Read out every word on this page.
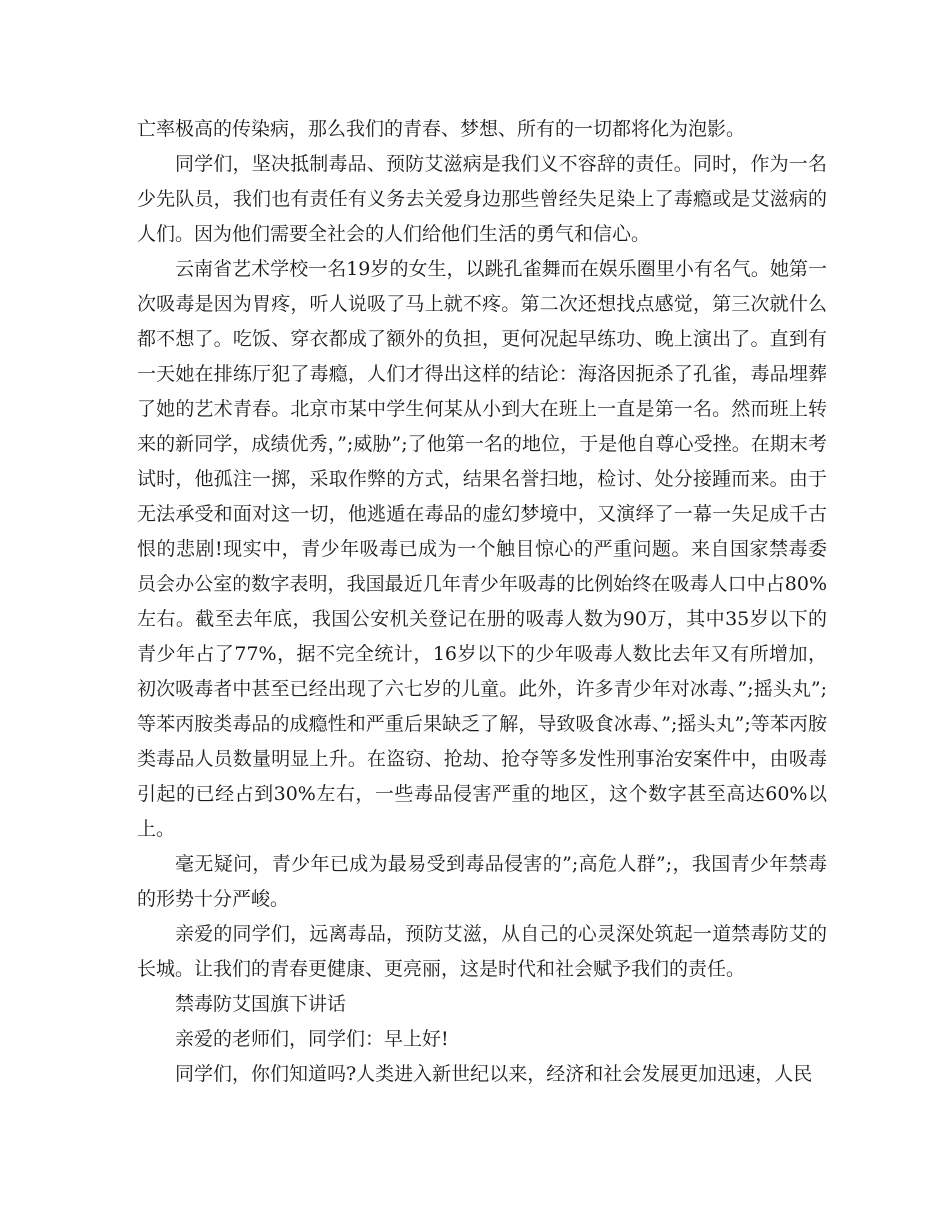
亡率极高的传染病，那么我们的青春、梦想、所有的一切都将化为泡影。

同学们，坚决抵制毒品、预防艾滋病是我们义不容辞的责任。同时，作为一名少先队员，我们也有责任有义务去关爱身边那些曾经失足染上了毒瘾或是艾滋病的人们。因为他们需要全社会的人们给他们生活的勇气和信心。

云南省艺术学校一名19岁的女生，以跳孔雀舞而在娱乐圈里小有名气。她第一次吸毒是因为胃疼，听人说吸了马上就不疼。第二次还想找点感觉，第三次就什么都不想了。吃饭、穿衣都成了额外的负担，更何况起早练功、晚上演出了。直到有一天她在排练厅犯了毒瘾，人们才得出这样的结论：海洛因扼杀了孔雀，毒品埋葬了她的艺术青春。北京市某中学生何某从小到大在班上一直是第一名。然而班上转来的新同学，成绩优秀，”;威胁”;了他第一名的地位，于是他自尊心受挫。在期末考试时，他孤注一掷，采取作弊的方式，结果名誉扫地，检讨、处分接踵而来。由于无法承受和面对这一切，他逃遁在毒品的虚幻梦境中，又演绎了一幕一失足成千古恨的悲剧!现实中，青少年吸毒已成为一个触目惊心的严重问题。来自国家禁毒委员会办公室的数字表明，我国最近几年青少年吸毒的比例始终在吸毒人口中占80%左右。截至去年底，我国公安机关登记在册的吸毒人数为90万，其中35岁以下的青少年占了77%，据不完全统计，16岁以下的少年吸毒人数比去年又有所增加，初次吸毒者中甚至已经出现了六七岁的儿童。此外，许多青少年对冰毒、”;摇头丸”;等苯丙胺类毒品的成瘾性和严重后果缺乏了解，导致吸食冰毒、”;摇头丸”;等苯丙胺类毒品人员数量明显上升。在盗窃、抢劫、抢夺等多发性刑事治安案件中，由吸毒引起的已经占到30%左右，一些毒品侵害严重的地区，这个数字甚至高达60%以上。

毫无疑问，青少年已成为最易受到毒品侵害的”;高危人群”;，我国青少年禁毒的形势十分严峻。

亲爱的同学们，远离毒品，预防艾滋，从自己的心灵深处筑起一道禁毒防艾的长城。让我们的青春更健康、更亮丽，这是时代和社会赋予我们的责任。

禁毒防艾国旗下讲话

亲爱的老师们，同学们：早上好!

同学们，你们知道吗?人类进入新世纪以来，经济和社会发展更加迅速，人民
